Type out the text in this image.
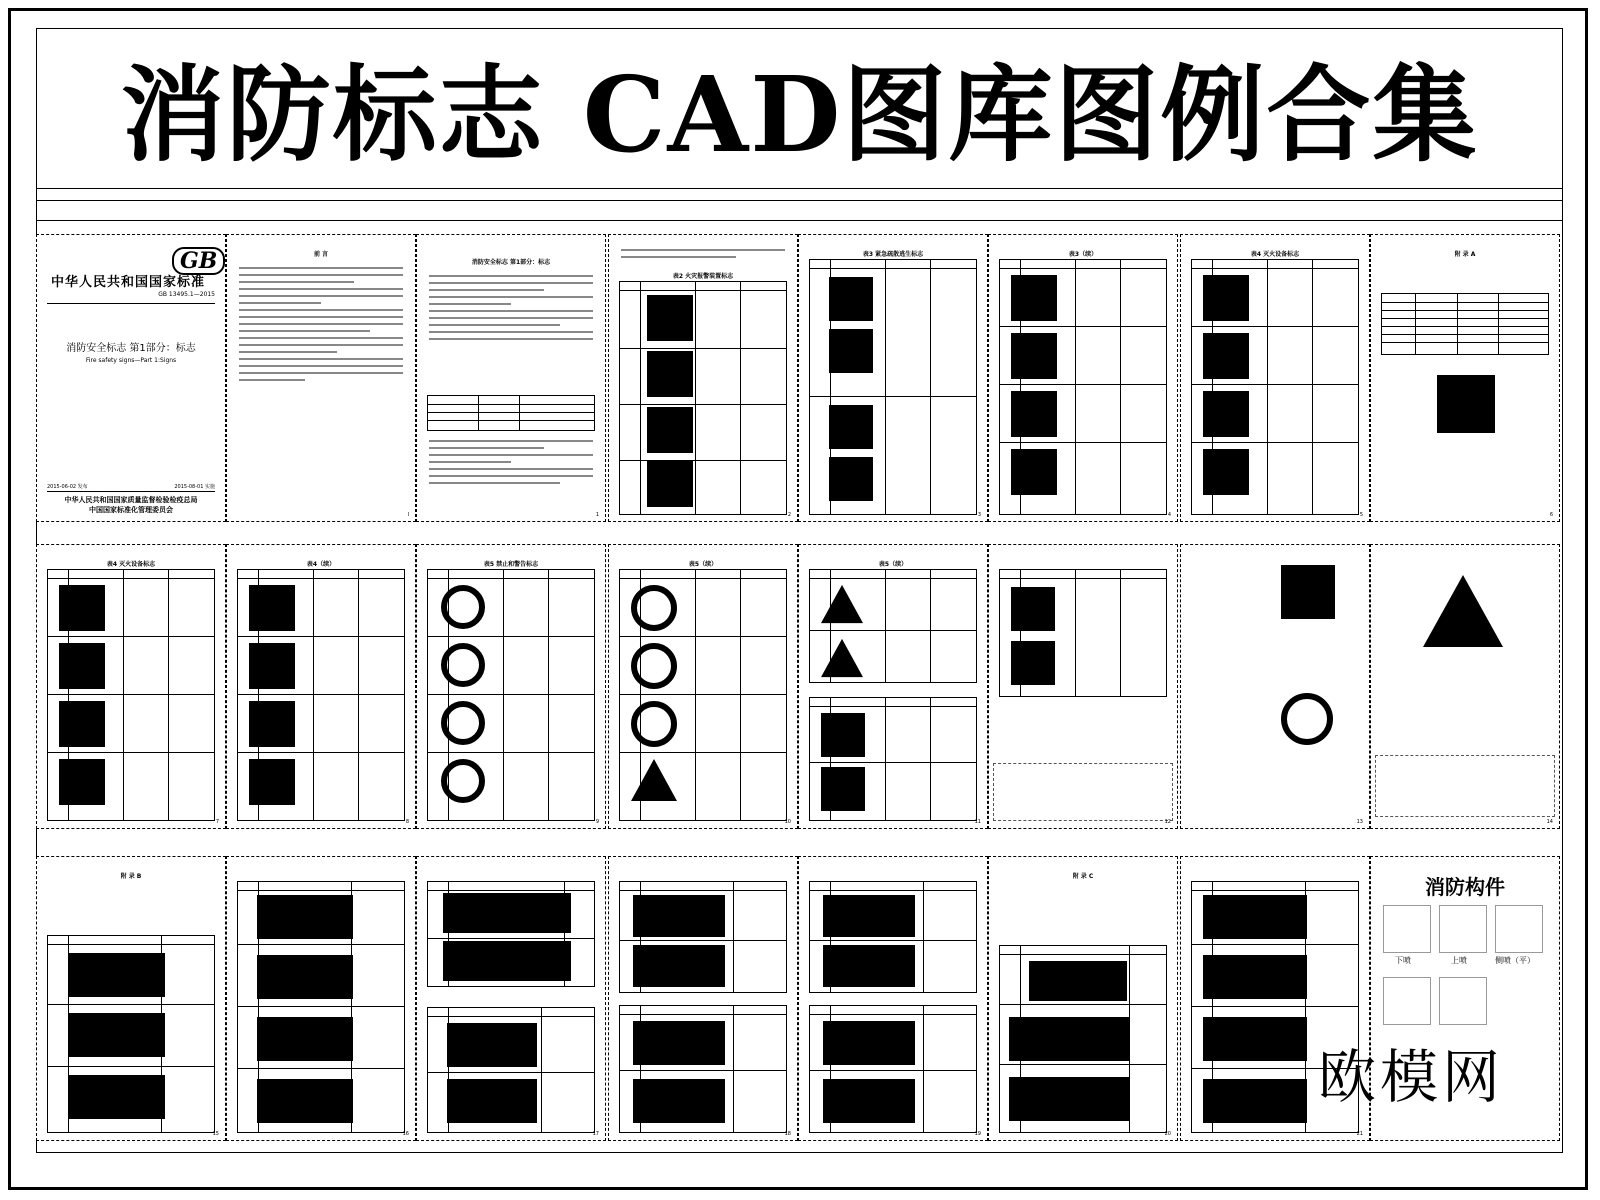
消防标志 CAD图库图例合集
GB
中华人民共和国国家标准
GB 13495.1—2015
消防安全标志 第1部分：标志
Fire safety signs—Part 1:Signs
2015-06-02 发布	2015-08-01 实施
中华人民共和国国家质量监督检验检疫总局
中国国家标准化管理委员会
前 言
I
消防安全标志 第1部分：标志
1
表2 火灾报警装置标志
2
表3 紧急疏散逃生标志
3
表3（续）
4
表4 灭火设备标志
5
附 录 A
6
表4 灭火设备标志
7
表4（续）
8
表5 禁止和警告标志
9
表5（续）
10
表5（续）
11	12	13	14
附 录 B
15	16	17	18	19
附 录 C
20	21
消防构件
下喷	上喷	侧喷（平）
欧模网
